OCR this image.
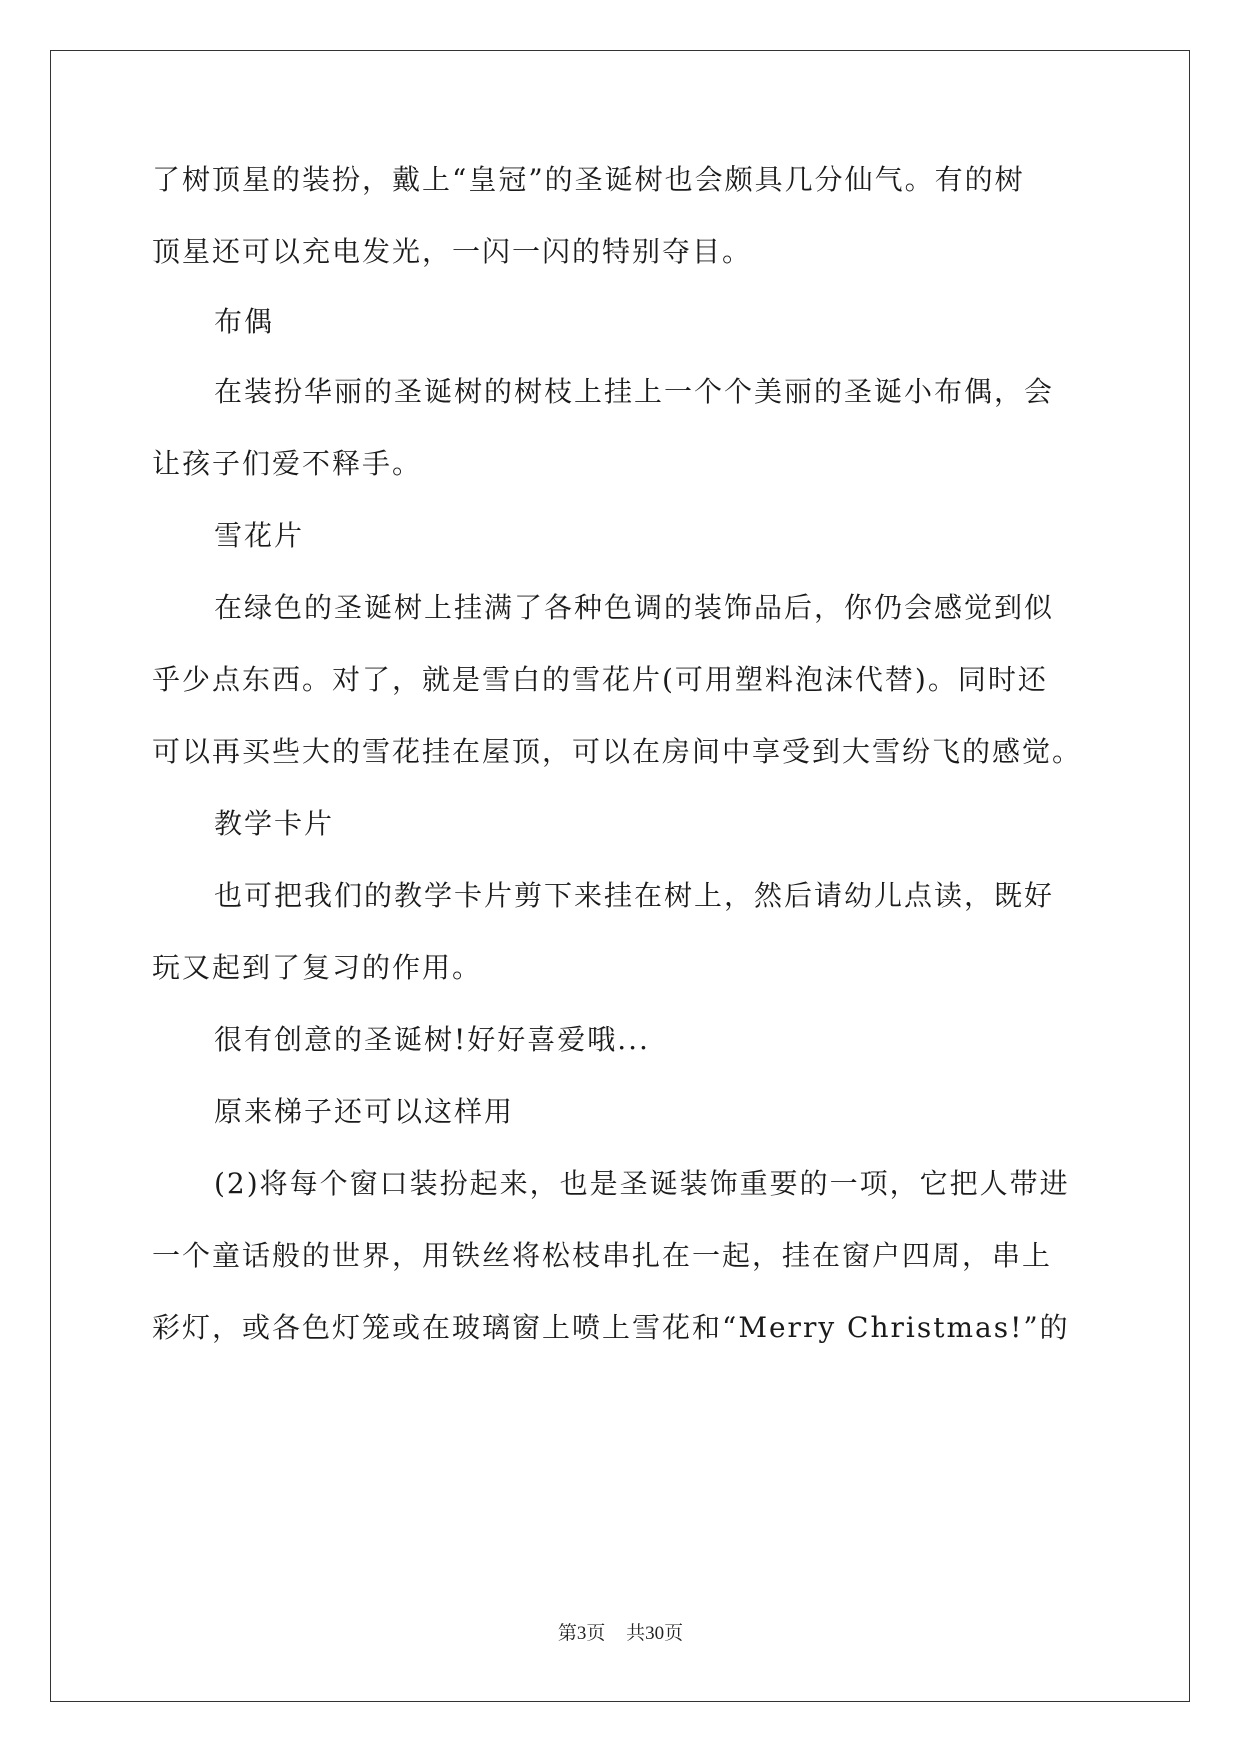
了树顶星的装扮，戴上“皇冠”的圣诞树也会颇具几分仙气。有的树
顶星还可以充电发光，一闪一闪的特别夺目。
布偶
在装扮华丽的圣诞树的树枝上挂上一个个美丽的圣诞小布偶，会
让孩子们爱不释手。
雪花片
在绿色的圣诞树上挂满了各种色调的装饰品后，你仍会感觉到似
乎少点东西。对了，就是雪白的雪花片(可用塑料泡沫代替)。同时还
可以再买些大的雪花挂在屋顶，可以在房间中享受到大雪纷飞的感觉。
教学卡片
也可把我们的教学卡片剪下来挂在树上，然后请幼儿点读，既好
玩又起到了复习的作用。
很有创意的圣诞树!好好喜爱哦...
原来梯子还可以这样用
(2)将每个窗口装扮起来，也是圣诞装饰重要的一项，它把人带进
一个童话般的世界，用铁丝将松枝串扎在一起，挂在窗户四周，串上
彩灯，或各色灯笼或在玻璃窗上喷上雪花和“Merry Christmas!”的
第3页 共30页
